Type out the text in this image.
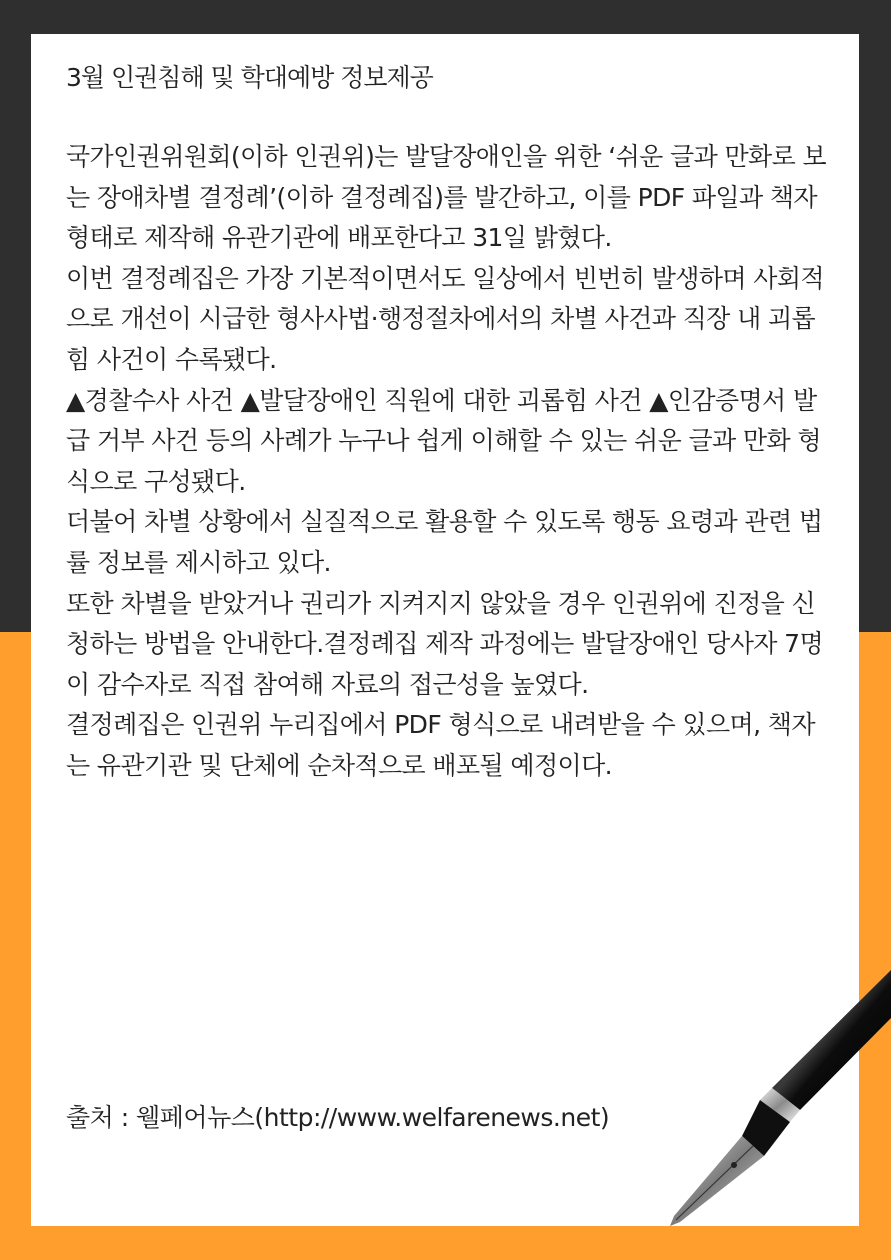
3월 인권침해 및 학대예방 정보제공

국가인권위원회(이하 인권위)는 발달장애인을 위한 ‘쉬운 글과 만화로 보는 장애차별 결정례’(이하 결정례집)를 발간하고, 이를 PDF 파일과 책자 형태로 제작해 유관기관에 배포한다고 31일 밝혔다.

이번 결정례집은 가장 기본적이면서도 일상에서 빈번히 발생하며 사회적으로 개선이 시급한 형사사법·행정절차에서의 차별 사건과 직장 내 괴롭힘 사건이 수록됐다.

▲경찰수사 사건 ▲발달장애인 직원에 대한 괴롭힘 사건 ▲인감증명서 발급 거부 사건 등의 사례가 누구나 쉽게 이해할 수 있는 쉬운 글과 만화 형식으로 구성됐다.

더불어 차별 상황에서 실질적으로 활용할 수 있도록 행동 요령과 관련 법률 정보를 제시하고 있다.

또한 차별을 받았거나 권리가 지켜지지 않았을 경우 인권위에 진정을 신청하는 방법을 안내한다.결정례집 제작 과정에는 발달장애인 당사자 7명이 감수자로 직접 참여해 자료의 접근성을 높였다.

결정례집은 인권위 누리집에서 PDF 형식으로 내려받을 수 있으며, 책자는 유관기관 및 단체에 순차적으로 배포될 예정이다.

출처 : 웰페어뉴스(http://www.welfarenews.net)
